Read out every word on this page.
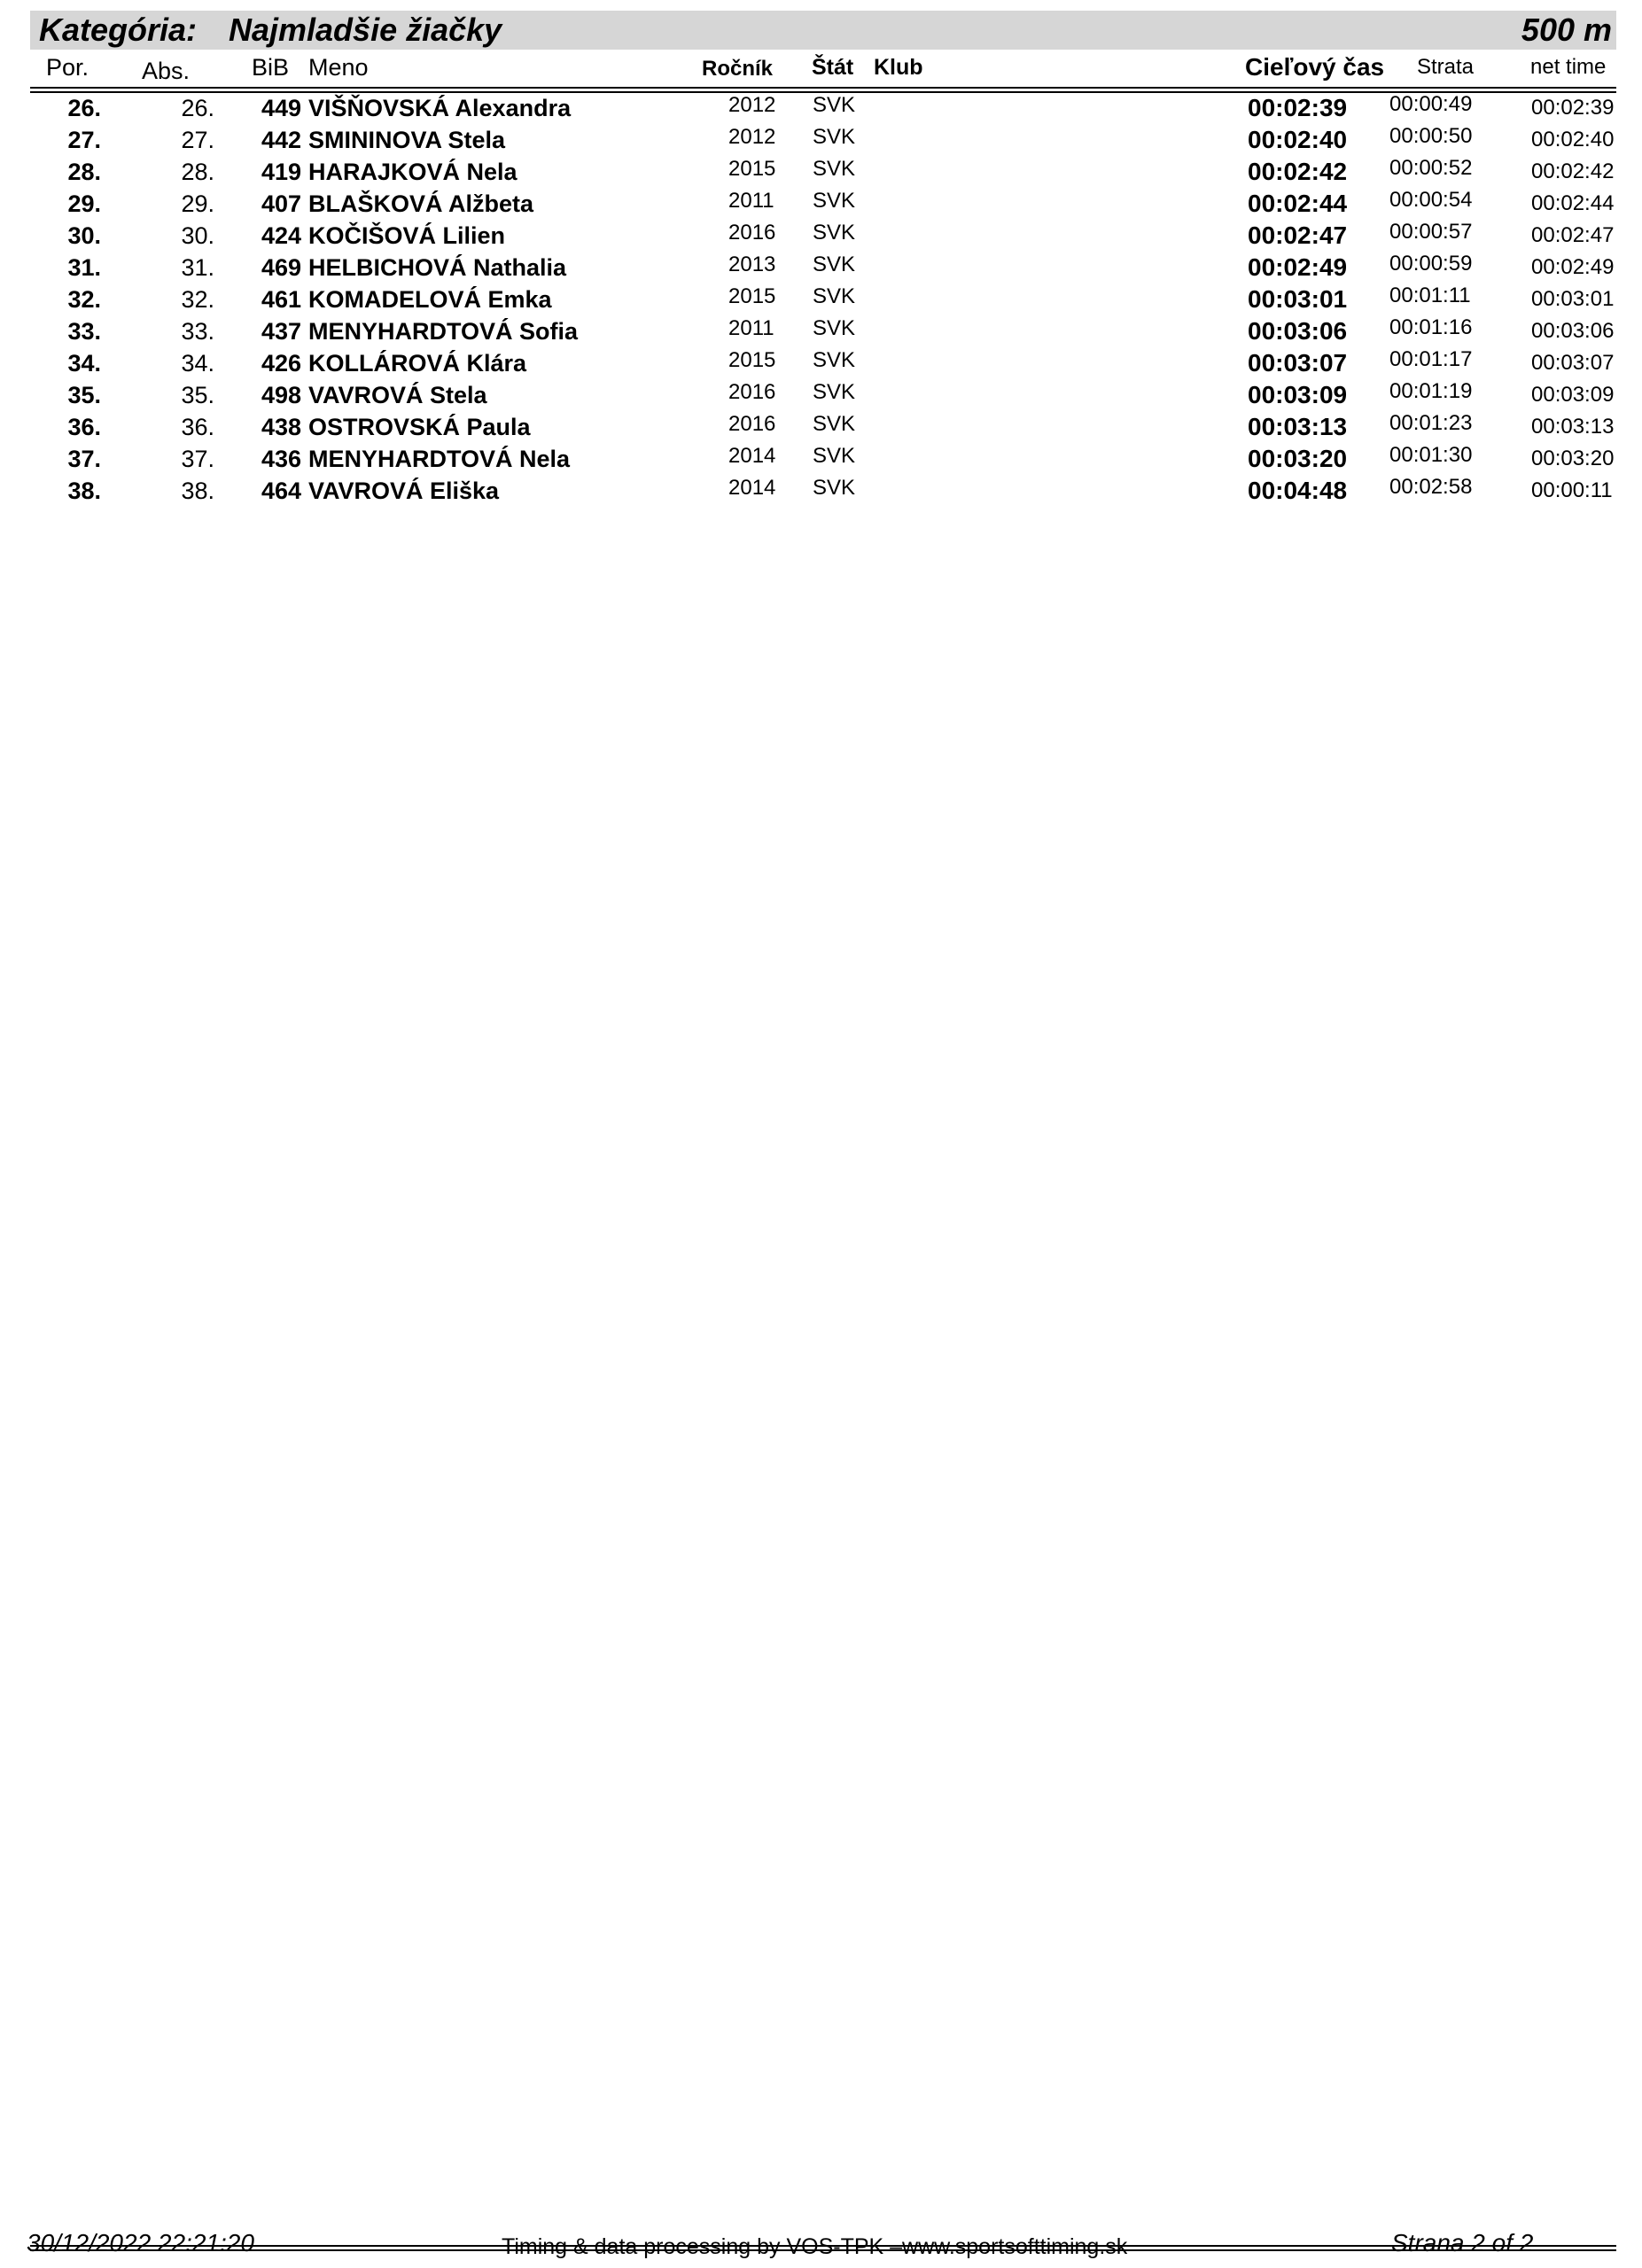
Kategória: Najmladšie žiačky	500 m
Por. Abs.	BiB Meno	Ročník Štát Klub	Cieľový čas Strata	net time
26.	26.	449 VIŠŇOVSKÁ Alexandra	2012 SVK	00:02:39 00:00:49	00:02:39
27.	27.	442 SMININOVA Stela	2012 SVK	00:02:40 00:00:50	00:02:40
28.	28.	419 HARAJKOVÁ Nela	2015 SVK	00:02:42 00:00:52	00:02:42
29.	29.	407 BLAŠKOVÁ Alžbeta	2011 SVK	00:02:44 00:00:54	00:02:44
30.	30.	424 KOČIŠOVÁ Lilien	2016 SVK	00:02:47 00:00:57	00:02:47
31.	31.	469 HELBICHOVÁ Nathalia	2013 SVK	00:02:49 00:00:59	00:02:49
32.	32.	461 KOMADELOVÁ Emka	2015 SVK	00:03:01 00:01:11	00:03:01
33.	33.	437 MENYHARDTOVÁ Sofia	2011 SVK	00:03:06 00:01:16	00:03:06
34.	34.	426 KOLLÁROVÁ Klára	2015 SVK	00:03:07 00:01:17	00:03:07
35.	35.	498 VAVROVÁ Stela	2016 SVK	00:03:09 00:01:19	00:03:09
36.	36.	438 OSTROVSKÁ Paula	2016 SVK	00:03:13 00:01:23	00:03:13
37.	37.	436 MENYHARDTOVÁ Nela	2014 SVK	00:03:20 00:01:30	00:03:20
38.	38.	464 VAVROVÁ Eliška	2014 SVK	00:04:48 00:02:58	00:00:11
30/12/2022 22:21:20	Timing & data processing by VOS-TPK –www.sportsofttiming.sk	Strana 2 of 2
